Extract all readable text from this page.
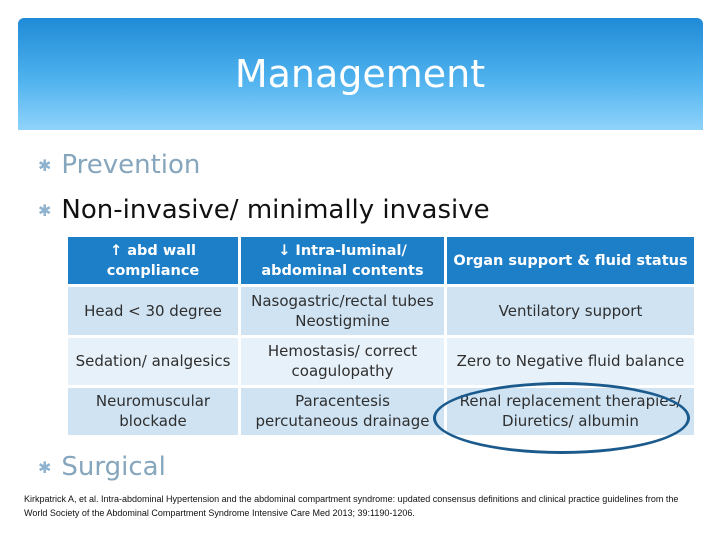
Management
✱ Prevention
✱ Non-invasive/ minimally invasive
↑ abd wall compliance	↓ Intra-luminal/ abdominal contents	Organ support & fluid status
Head < 30 degree	Nasogastric/rectal tubes Neostigmine	Ventilatory support
Sedation/ analgesics	Hemostasis/ correct coagulopathy	Zero to Negative fluid balance
Neuromuscular blockade	Paracentesis percutaneous drainage	Renal replacement therapies/ Diuretics/ albumin
✱ Surgical
Kirkpatrick A, et al. Intra-abdominal Hypertension and the abdominal compartment syndrome: updated consensus definitions and clinical practice guidelines from the World Society of the Abdominal Compartment Syndrome Intensive Care Med 2013; 39:1190-1206.
